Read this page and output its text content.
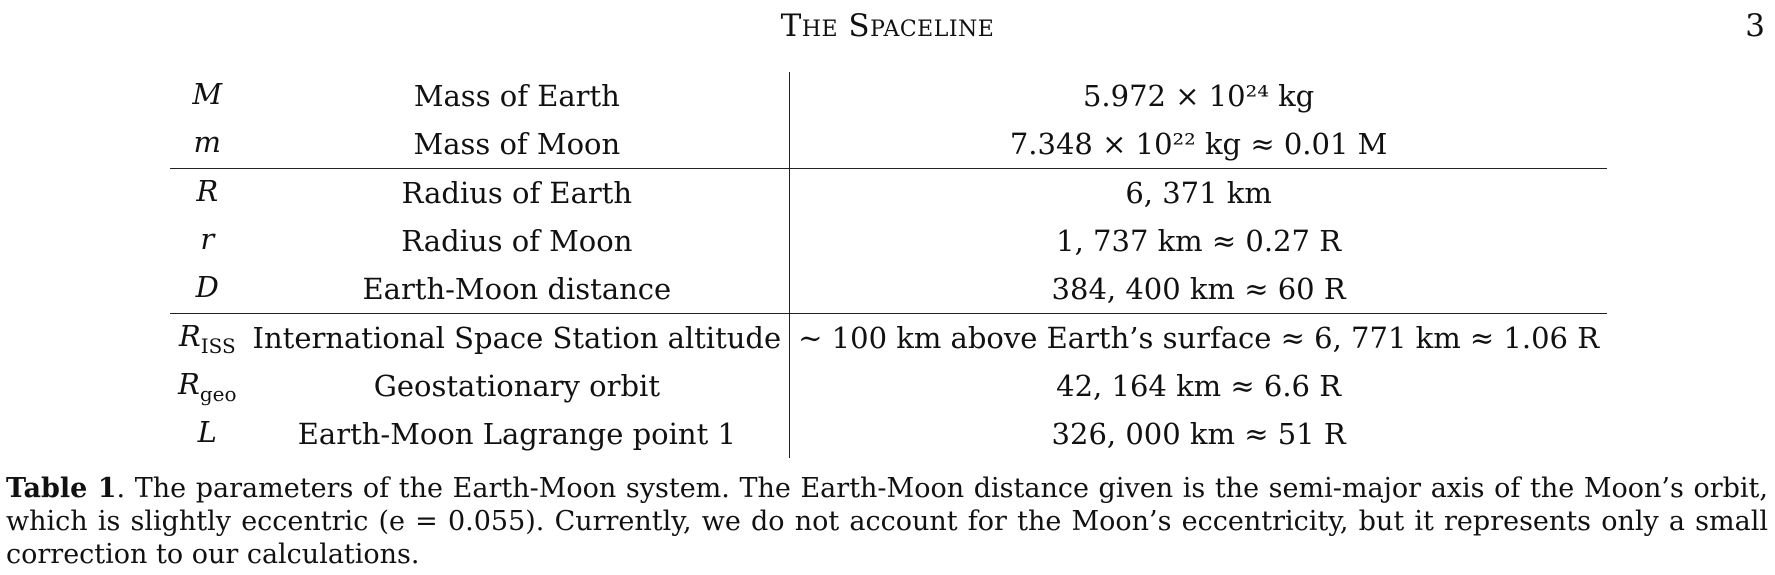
The Spaceline	3
M	Mass of Earth	5.972 × 10²⁴ kg
m	Mass of Moon	7.348 × 10²² kg ≈ 0.01 M
R	Radius of Earth	6, 371 km
r	Radius of Moon	1, 737 km ≈ 0.27 R
D	Earth-Moon distance	384, 400 km ≈ 60 R
$R_{ISS}$	International Space Station altitude	∼ 100 km above Earth’s surface ≈ 6, 771 km ≈ 1.06 R
$R_{geo}$	Geostationary orbit	42, 164 km ≈ 6.6 R
L	Earth-Moon Lagrange point 1	326, 000 km ≈ 51 R
Table 1. The parameters of the Earth-Moon system. The Earth-Moon distance given is the semi-major axis of the Moon’s orbit, which is slightly eccentric (e = 0.055). Currently, we do not account for the Moon’s eccentricity, but it represents only a small correction to our calculations.
